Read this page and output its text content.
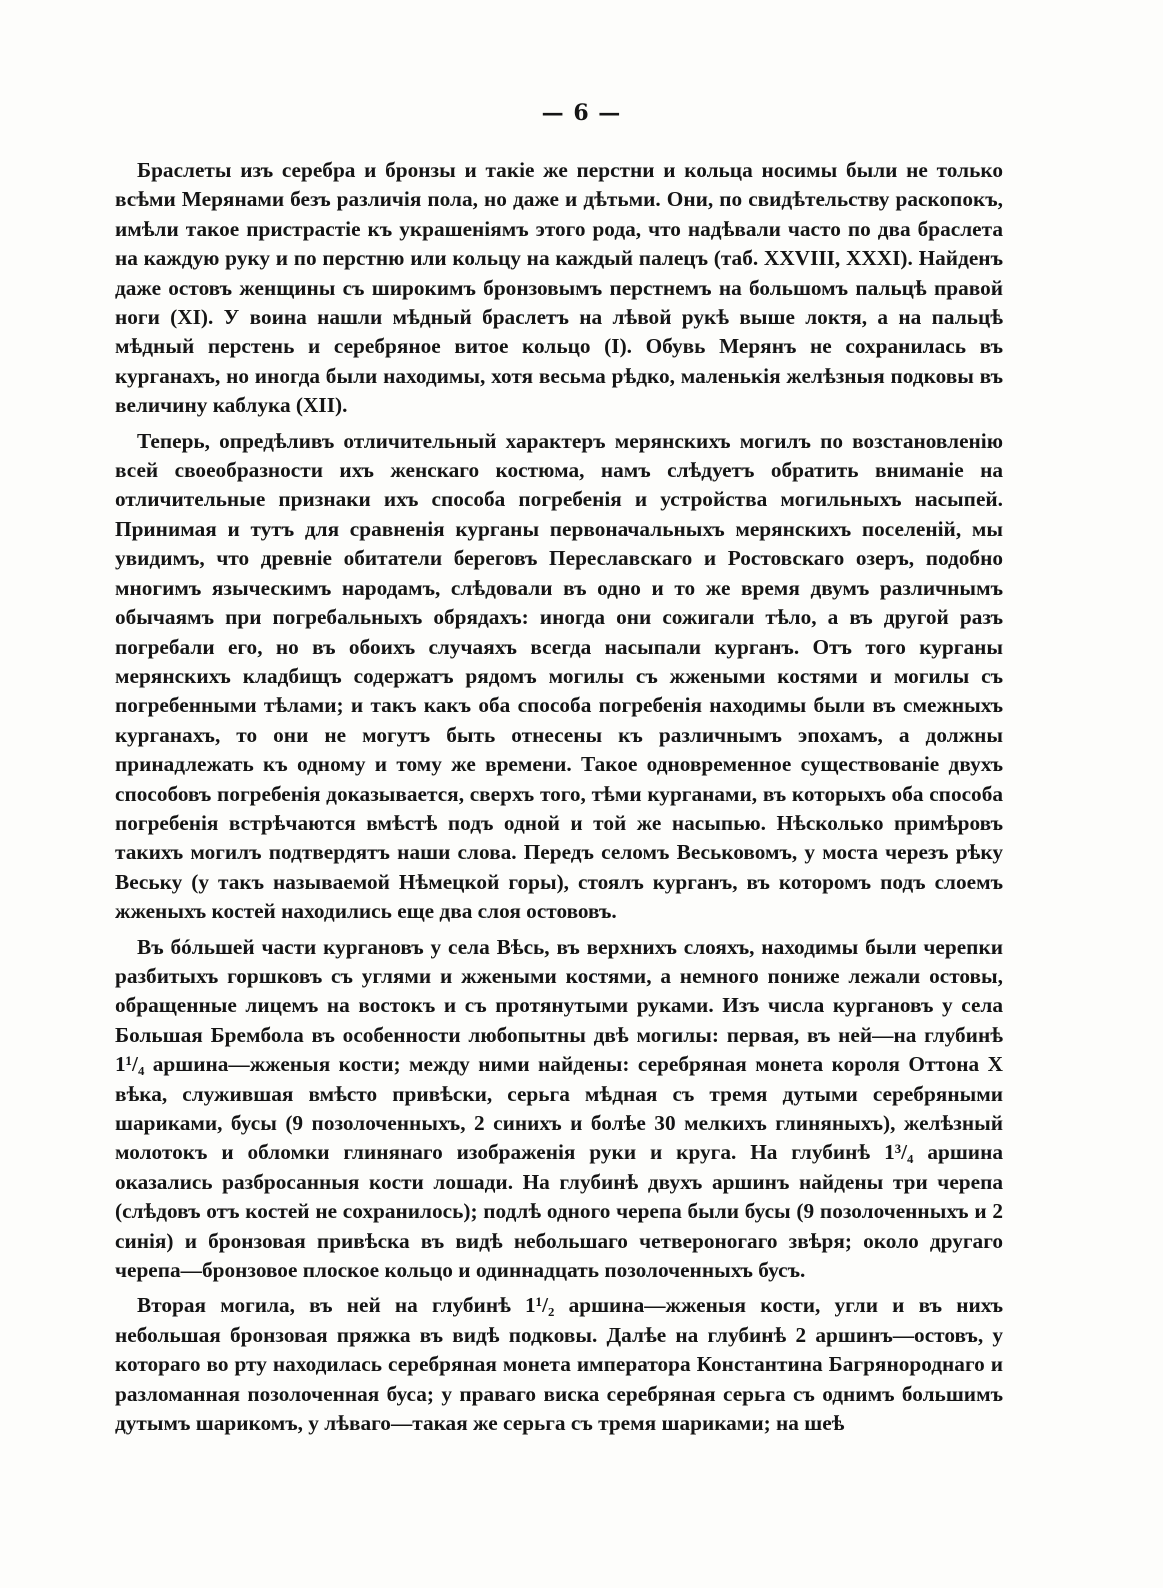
— 6 —

Браслеты изъ серебра и бронзы и такіе же перстни и кольца носимы были не только всѣми Мерянами безъ различія пола, но даже и дѣтьми. Они, по свидѣтельству раскопокъ, имѣли такое пристрастіе къ украшеніямъ этого рода, что надѣвали часто по два браслета на каждую руку и по перстню или кольцу на каждый палецъ (таб. XXVIII, XXXI). Найденъ даже остовъ женщины съ широкимъ бронзовымъ перстнемъ на большомъ пальцѣ правой ноги (XI). У воина нашли мѣдный браслетъ на лѣвой рукѣ выше локтя, а на пальцѣ мѣдный перстень и серебряное витое кольцо (I). Обувь Мерянъ не сохранилась въ курганахъ, но иногда были находимы, хотя весьма рѣдко, маленькія желѣзныя подковы въ величину каблука (XII).

Теперь, опредѣливъ отличительный характеръ мерянскихъ могилъ по возстановленію всей своеобразности ихъ женскаго костюма, намъ слѣдуетъ обратить вниманіе на отличительные признаки ихъ способа погребенія и устройства могильныхъ насыпей. Принимая и тутъ для сравненія курганы первоначальныхъ мерянскихъ поселеній, мы увидимъ, что древніе обитатели береговъ Переславскаго и Ростовскаго озеръ, подобно многимъ языческимъ народамъ, слѣдовали въ одно и то же время двумъ различнымъ обычаямъ при погребальныхъ обрядахъ: иногда они сожигали тѣло, а въ другой разъ погребали его, но въ обоихъ случаяхъ всегда насыпали курганъ. Отъ того курганы мерянскихъ кладбищъ содержатъ рядомъ могилы съ жжеными костями и могилы съ погребенными тѣлами; и такъ какъ оба способа погребенія находимы были въ смежныхъ курганахъ, то они не могутъ быть отнесены къ различнымъ эпохамъ, а должны принадлежать къ одному и тому же времени. Такое одновременное существованіе двухъ способовъ погребенія доказывается, сверхъ того, тѣми курганами, въ которыхъ оба способа погребенія встрѣчаются вмѣстѣ подъ одной и той же насыпью. Нѣсколько примѣровъ такихъ могилъ подтвердятъ наши слова. Передъ селомъ Веськовомъ, у моста черезъ рѣку Веську (у такъ называемой Нѣмецкой горы), стоялъ курганъ, въ которомъ подъ слоемъ жженыхъ костей находились еще два слоя остововъ.

Въ бóльшей части кургановъ у села Вѣсь, въ верхнихъ слояхъ, находимы были черепки разбитыхъ горшковъ съ углями и жжеными костями, а немного пониже лежали остовы, обращенные лицемъ на востокъ и съ протянутыми руками. Изъ числа кургановъ у села Большая Брембола въ особенности любопытны двѣ могилы: первая, въ ней—на глубинѣ 1¹/₄ аршина—жженыя кости; между ними найдены: серебряная монета короля Оттона X вѣка, служившая вмѣсто привѣски, серьга мѣдная съ тремя дутыми серебряными шариками, бусы (9 позолоченныхъ, 2 синихъ и болѣе 30 мелкихъ глиняныхъ), желѣзный молотокъ и обломки глинянаго изображенія руки и круга. На глубинѣ 1³/₄ аршина оказались разбросанныя кости лошади. На глубинѣ двухъ аршинъ найдены три черепа (слѣдовъ отъ костей не сохранилось); подлѣ одного черепа были бусы (9 позолоченныхъ и 2 синія) и бронзовая привѣска въ видѣ небольшаго четвероногаго звѣря; около другаго черепа—бронзовое плоское кольцо и одиннадцать позолоченныхъ бусъ.

Вторая могила, въ ней на глубинѣ 1¹/₂ аршина—жженыя кости, угли и въ нихъ небольшая бронзовая пряжка въ видѣ подковы. Далѣе на глубинѣ 2 аршинъ—остовъ, у котораго во рту находилась серебряная монета императора Константина Багрянороднаго и разломанная позолоченная буса; у праваго виска серебряная серьга съ однимъ большимъ дутымъ шарикомъ, у лѣваго—такая же серьга съ тремя шариками; на шеѣ
